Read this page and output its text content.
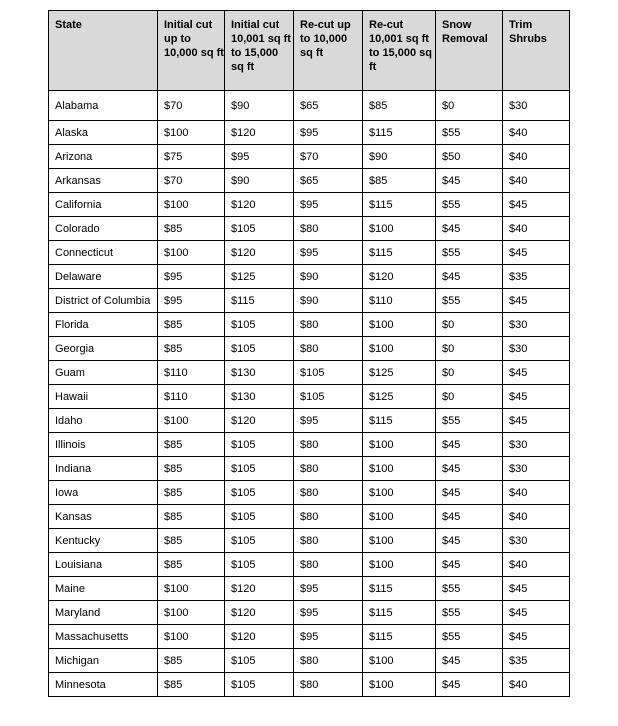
State	Initial cut up to 10,000 sq ft	Initial cut 10,001 sq ft to 15,000 sq ft	Re-cut up to 10,000 sq ft	Re-cut 10,001 sq ft to 15,000 sq ft	Snow Removal	Trim Shrubs
Alabama	$70	$90	$65	$85	$0	$30
Alaska	$100	$120	$95	$115	$55	$40
Arizona	$75	$95	$70	$90	$50	$40
Arkansas	$70	$90	$65	$85	$45	$40
California	$100	$120	$95	$115	$55	$45
Colorado	$85	$105	$80	$100	$45	$40
Connecticut	$100	$120	$95	$115	$55	$45
Delaware	$95	$125	$90	$120	$45	$35
District of Columbia	$95	$115	$90	$110	$55	$45
Florida	$85	$105	$80	$100	$0	$30
Georgia	$85	$105	$80	$100	$0	$30
Guam	$110	$130	$105	$125	$0	$45
Hawaii	$110	$130	$105	$125	$0	$45
Idaho	$100	$120	$95	$115	$55	$45
Illinois	$85	$105	$80	$100	$45	$30
Indiana	$85	$105	$80	$100	$45	$30
Iowa	$85	$105	$80	$100	$45	$40
Kansas	$85	$105	$80	$100	$45	$40
Kentucky	$85	$105	$80	$100	$45	$30
Louisiana	$85	$105	$80	$100	$45	$40
Maine	$100	$120	$95	$115	$55	$45
Maryland	$100	$120	$95	$115	$55	$45
Massachusetts	$100	$120	$95	$115	$55	$45
Michigan	$85	$105	$80	$100	$45	$35
Minnesota	$85	$105	$80	$100	$45	$40
